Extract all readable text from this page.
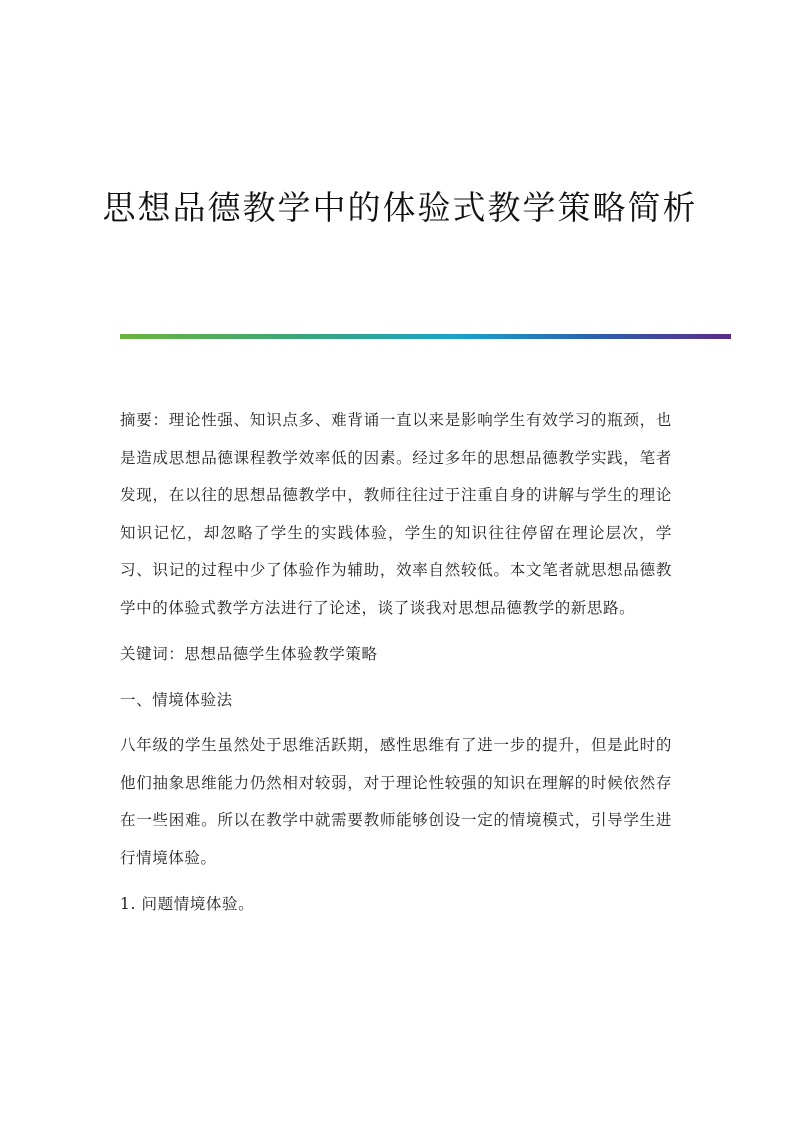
思想品德教学中的体验式教学策略简析

摘要：理论性强、知识点多、难背诵一直以来是影响学生有效学习的瓶颈，也是造成思想品德课程教学效率低的因素。经过多年的思想品德教学实践，笔者发现，在以往的思想品德教学中，教师往往过于注重自身的讲解与学生的理论知识记忆，却忽略了学生的实践体验，学生的知识往往停留在理论层次，学习、识记的过程中少了体验作为辅助，效率自然较低。本文笔者就思想品德教学中的体验式教学方法进行了论述，谈了谈我对思想品德教学的新思路。

关键词：思想品德学生体验教学策略

一、情境体验法

八年级的学生虽然处于思维活跃期，感性思维有了进一步的提升，但是此时的他们抽象思维能力仍然相对较弱，对于理论性较强的知识在理解的时候依然存在一些困难。所以在教学中就需要教师能够创设一定的情境模式，引导学生进行情境体验。

1. 问题情境体验。
